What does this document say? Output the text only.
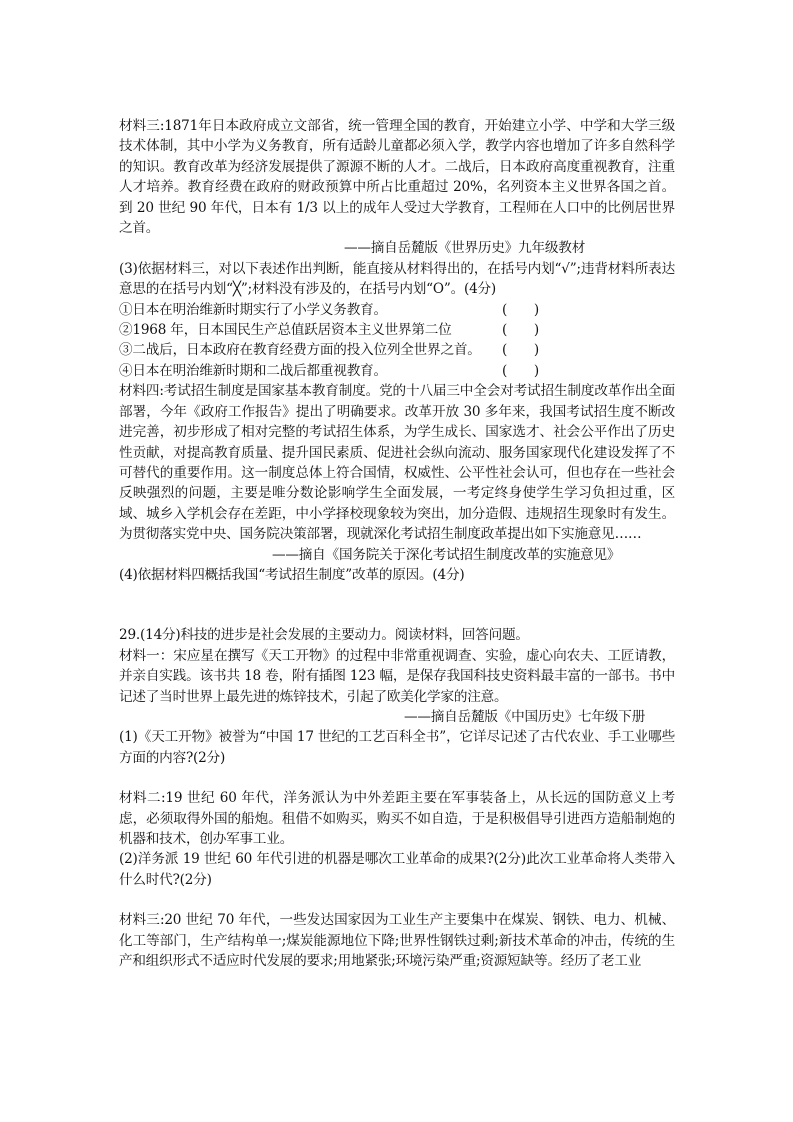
材料三:1871年日本政府成立文部省，统一管理全国的教育，开始建立小学、中学和大学三级技术体制，其中小学为义务教育，所有适龄儿童都必须入学，教学内容也增加了许多自然科学的知识。教育改革为经济发展提供了源源不断的人才。二战后，日本政府高度重视教育，注重人才培养。教育经费在政府的财政预算中所占比重超过 20%，名列资本主义世界各国之首。到 20 世纪 90 年代，日本有 1/3 以上的成年人受过大学教育，工程师在人口中的比例居世界之首。

——摘自岳麓版《世界历史》九年级教材

(3)依据材料三，对以下表述作出判断，能直接从材料得出的，在括号内划“√”;违背材料所表达意思的在括号内划“╳”;材料没有涉及的，在括号内划“O”。(4分)

①日本在明治维新时期实行了小学义务教育。	(　　)
②1968 年，日本国民生产总值跃居资本主义世界第二位	(　　)
③二战后，日本政府在教育经费方面的投入位列全世界之首。 (　　)
④日本在明治维新时期和二战后都重视教育。	(　　)

材料四:考试招生制度是国家基本教育制度。党的十八届三中全会对考试招生制度改革作出全面部署，今年《政府工作报告》提出了明确要求。改革开放 30 多年来，我国考试招生度不断改进完善，初步形成了相对完整的考试招生体系，为学生成长、国家选才、社会公平作出了历史性贡献，对提高教育质量、提升国民素质、促进社会纵向流动、服务国家现代化建设发挥了不可替代的重要作用。这一制度总体上符合国情，权威性、公平性社会认可，但也存在一些社会反映强烈的问题，主要是唯分数论影响学生全面发展，一考定终身使学生学习负担过重，区域、城乡入学机会存在差距，中小学择校现象较为突出，加分造假、违规招生现象时有发生。为贯彻落实党中央、国务院决策部署，现就深化考试招生制度政革提出如下实施意见……

——摘自《国务院关于深化考试招生制度改革的实施意见》

(4)依据材料四概括我国“考试招生制度”改革的原因。(4分)

29.(14分)科技的进步是社会发展的主要动力。阅读材料，回答问题。

材料一：宋应星在撰写《天工开物》的过程中非常重视调查、实验，虚心向农夫、工匠请教，并亲自实践。该书共 18 卷，附有插图 123 幅，是保存我国科技史资料最丰富的一部书。书中记述了当时世界上最先进的炼锌技术，引起了欧美化学家的注意。

——摘自岳麓版《中国历史》七年级下册

(1)《天工开物》被誉为“中国 17 世纪的工艺百科全书”，它详尽记述了古代农业、手工业哪些方面的内容?(2分)

材料二:19 世纪 60 年代，洋务派认为中外差距主要在军事装备上，从长远的国防意义上考虑，必须取得外国的船炮。租借不如购买，购买不如自造，于是积极倡导引进西方造船制炮的机器和技术，创办军事工业。

(2)洋务派 19 世纪 60 年代引进的机器是哪次工业革命的成果?(2分)此次工业革命将人类带入什么时代?(2分)

材料三:20 世纪 70 年代，一些发达国家因为工业生产主要集中在煤炭、钢铁、电力、机械、化工等部门，生产结构单一;煤炭能源地位下降;世界性钢铁过剩;新技术革命的冲击，传统的生产和组织形式不适应时代发展的要求;用地紧张;环境污染严重;资源短缺等。经历了老工业
